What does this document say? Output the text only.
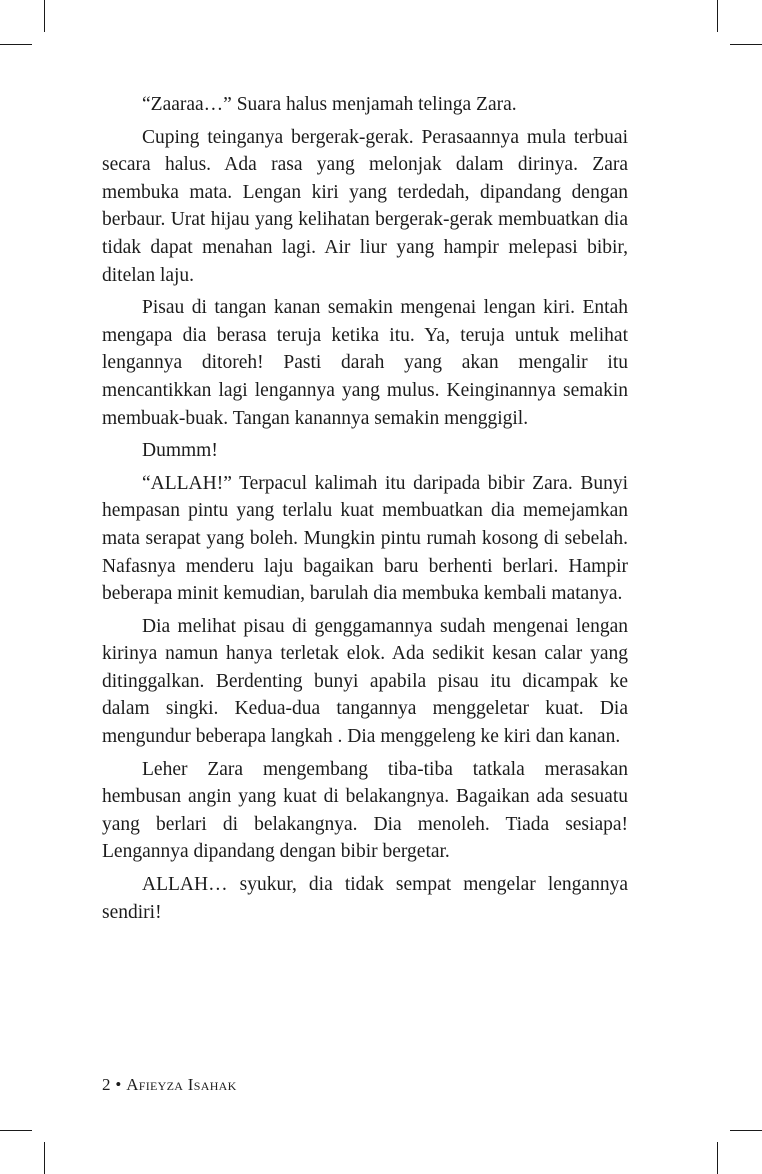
“Zaaraa…” Suara halus menjamah telinga Zara.

Cuping teinganya bergerak-gerak. Perasaannya mula terbuai secara halus. Ada rasa yang melonjak dalam dirinya. Zara membuka mata. Lengan kiri yang terdedah, dipandang dengan berbaur. Urat hijau yang kelihatan bergerak-gerak membuatkan dia tidak dapat menahan lagi. Air liur yang hampir melepasi bibir, ditelan laju.

Pisau di tangan kanan semakin mengenai lengan kiri. Entah mengapa dia berasa teruja ketika itu. Ya, teruja untuk melihat lengannya ditoreh! Pasti darah yang akan mengalir itu mencantikkan lagi lengannya yang mulus. Keinginannya semakin membuak-buak. Tangan kanannya semakin menggigil.

Dummm!

“ALLAH!” Terpacul kalimah itu daripada bibir Zara. Bunyi hempasan pintu yang terlalu kuat membuatkan dia memejamkan mata serapat yang boleh. Mungkin pintu rumah kosong di sebelah. Nafasnya menderu laju bagaikan baru berhenti berlari. Hampir beberapa minit kemudian, barulah dia membuka kembali matanya.

Dia melihat pisau di genggamannya sudah mengenai lengan kirinya namun hanya terletak elok. Ada sedikit kesan calar yang ditinggalkan. Berdenting bunyi apabila pisau itu dicampak ke dalam singki. Kedua-dua tangannya menggeletar kuat. Dia mengundur beberapa langkah . Dia menggeleng ke kiri dan kanan.

Leher Zara mengembang tiba-tiba tatkala merasakan hembusan angin yang kuat di belakangnya. Bagaikan ada sesuatu yang berlari di belakangnya. Dia menoleh. Tiada sesiapa! Lengannya dipandang dengan bibir bergetar.

ALLAH… syukur, dia tidak sempat mengelar lengannya sendiri!

2 • Afieyza Isahak
